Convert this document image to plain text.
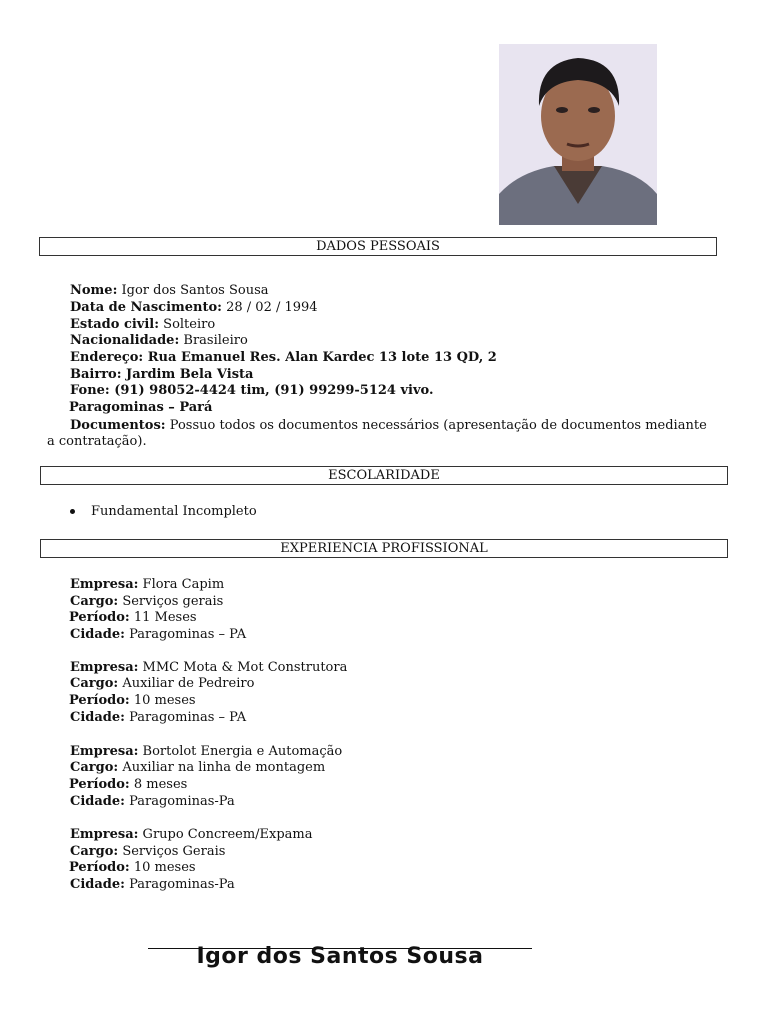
DADOS PESSOAIS
Nome: Igor dos Santos Sousa
Data de Nascimento: 28 / 02 / 1994
Estado civil: Solteiro
Nacionalidade: Brasileiro
Endereço: Rua Emanuel Res. Alan Kardec 13 lote 13 QD, 2
Bairro: Jardim Bela Vista
Fone: (91) 98052-4424 tim, (91) 99299-5124 vivo.
Paragominas – Pará
Documentos: Possuo todos os documentos necessários (apresentação de documentos mediante a contratação).
ESCOLARIDADE
Fundamental Incompleto
EXPERIENCIA PROFISSIONAL
Empresa: Flora Capim
Cargo: Serviços gerais
Período: 11 Meses
Cidade: Paragominas – PA
Empresa: MMC Mota & Mot Construtora
Cargo: Auxiliar de Pedreiro
Período: 10 meses
Cidade: Paragominas – PA
Empresa: Bortolot Energia e Automação
Cargo: Auxiliar na linha de montagem
Período: 8 meses
Cidade: Paragominas-Pa
Empresa: Grupo Concreem/Expama
Cargo: Serviços Gerais
Período: 10 meses
Cidade: Paragominas-Pa
Igor dos Santos Sousa
